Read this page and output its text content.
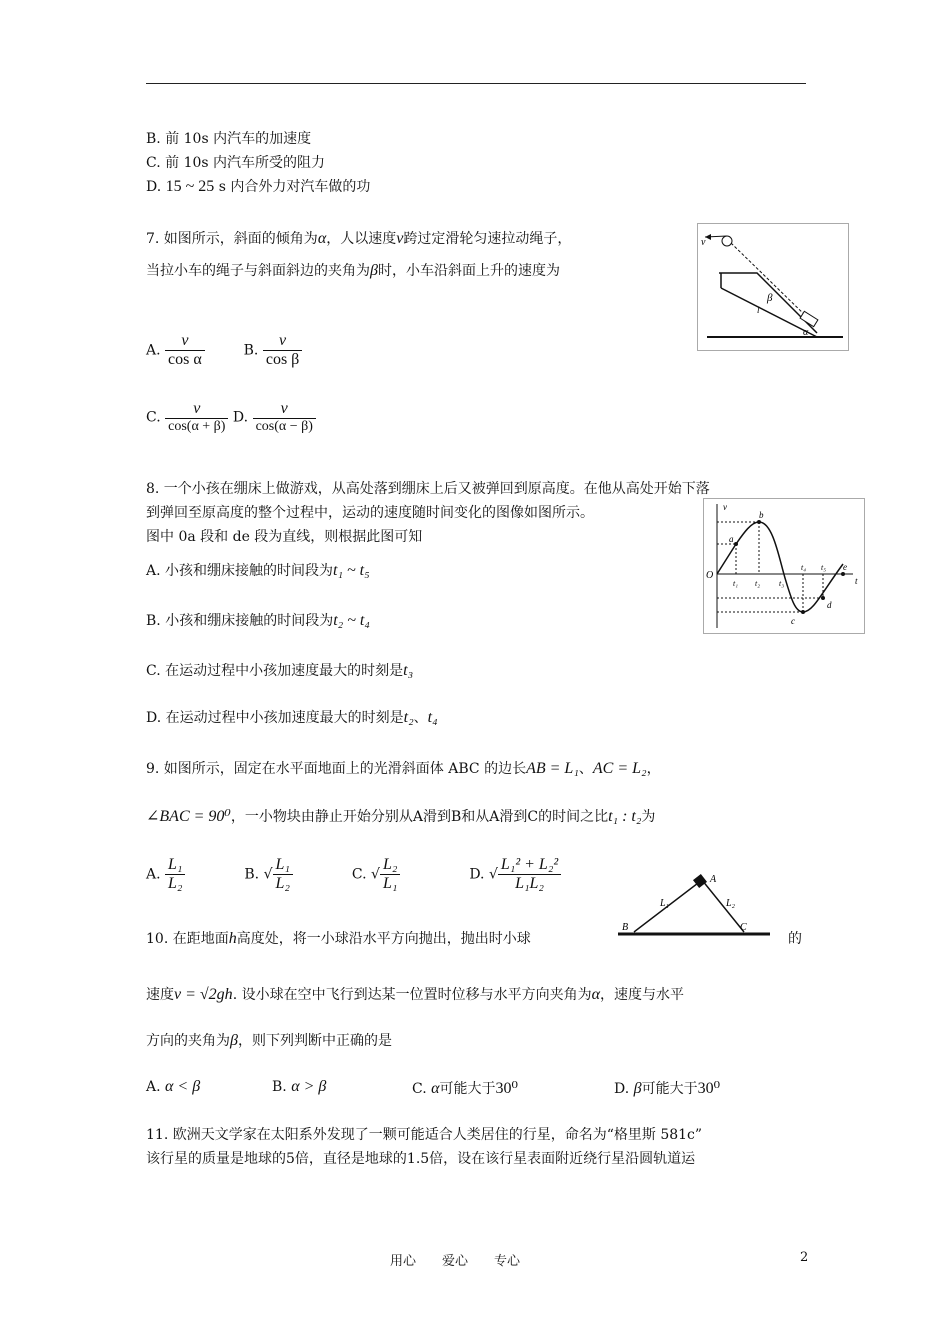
B. 前 10s 内汽车的加速度
C. 前 10s 内汽车所受的阻力
D. 15 ~ 25 s 内合外力对汽车做的功
7. 如图所示，斜面的倾角为α，人以速度v跨过定滑轮匀速拉动绳子，
当拉小车的绳子与斜面斜边的夹角为β时，小车沿斜面上升的速度为
A. $\frac{v}{\text{cos α}}$	B. $\frac{v}{\text{cos β}}$
C. $\frac{v}{\cos(\alpha + \beta)} D$. $\frac{v}{\cos(\alpha - \beta)}$
v
β
α
l
8. 一个小孩在绷床上做游戏，从高处落到绷床上后又被弹回到原高度。在他从高处开始下落
到弹回至原高度的整个过程中，运动的速度随时间变化的图像如图所示。
图中 0a 段和 de 段为直线，则根据此图可知
A. 小孩和绷床接触的时间段为t₁ ~ t₅
B. 小孩和绷床接触的时间段为t₂ ~ t₄
C. 在运动过程中小孩加速度最大的时刻是t₃
D. 在运动过程中小孩加速度最大的时刻是t₂、t₄
v
O	t
a
b
c
d
e
t₁ t₂ t₃
t₄ t₅
9. 如图所示，固定在水平面地面上的光滑斜面体 ABC 的边长AB = L₁、AC = L₂，
∠BAC = 90⁰，一小物块由静止开始分别从A滑到B和从A滑到C的时间之比t₁ : t₂为
A. $\frac{\text{L₁}}{\text{L₂}}$	B. √ $\frac{\text{L₁}}{\text{L₂}}$	C. √ $\frac{\text{L₂}}{\text{L₁}}$	D. √ $\frac{\text{L₁² + L₂²}}{\text{L₁L₂}}$	A
B	C
L₁	L₂
10. 在距地面h高度处，将一小球沿水平方向抛出，抛出时小球	的
速度v = √2gh. 设小球在空中飞行到达某一位置时位移与水平方向夹角为α，速度与水平
方向的夹角为β，则下列判断中正确的是
A. α < β	B. α > β	C. α可能大于30⁰	D. β可能大于30⁰
11. 欧洲天文学家在太阳系外发现了一颗可能适合人类居住的行星，命名为“格里斯 581c”
该行星的质量是地球的5倍，直径是地球的1.5倍，设在该行星表面附近绕行星沿圆轨道运
用心　　爱心　　专心	2
